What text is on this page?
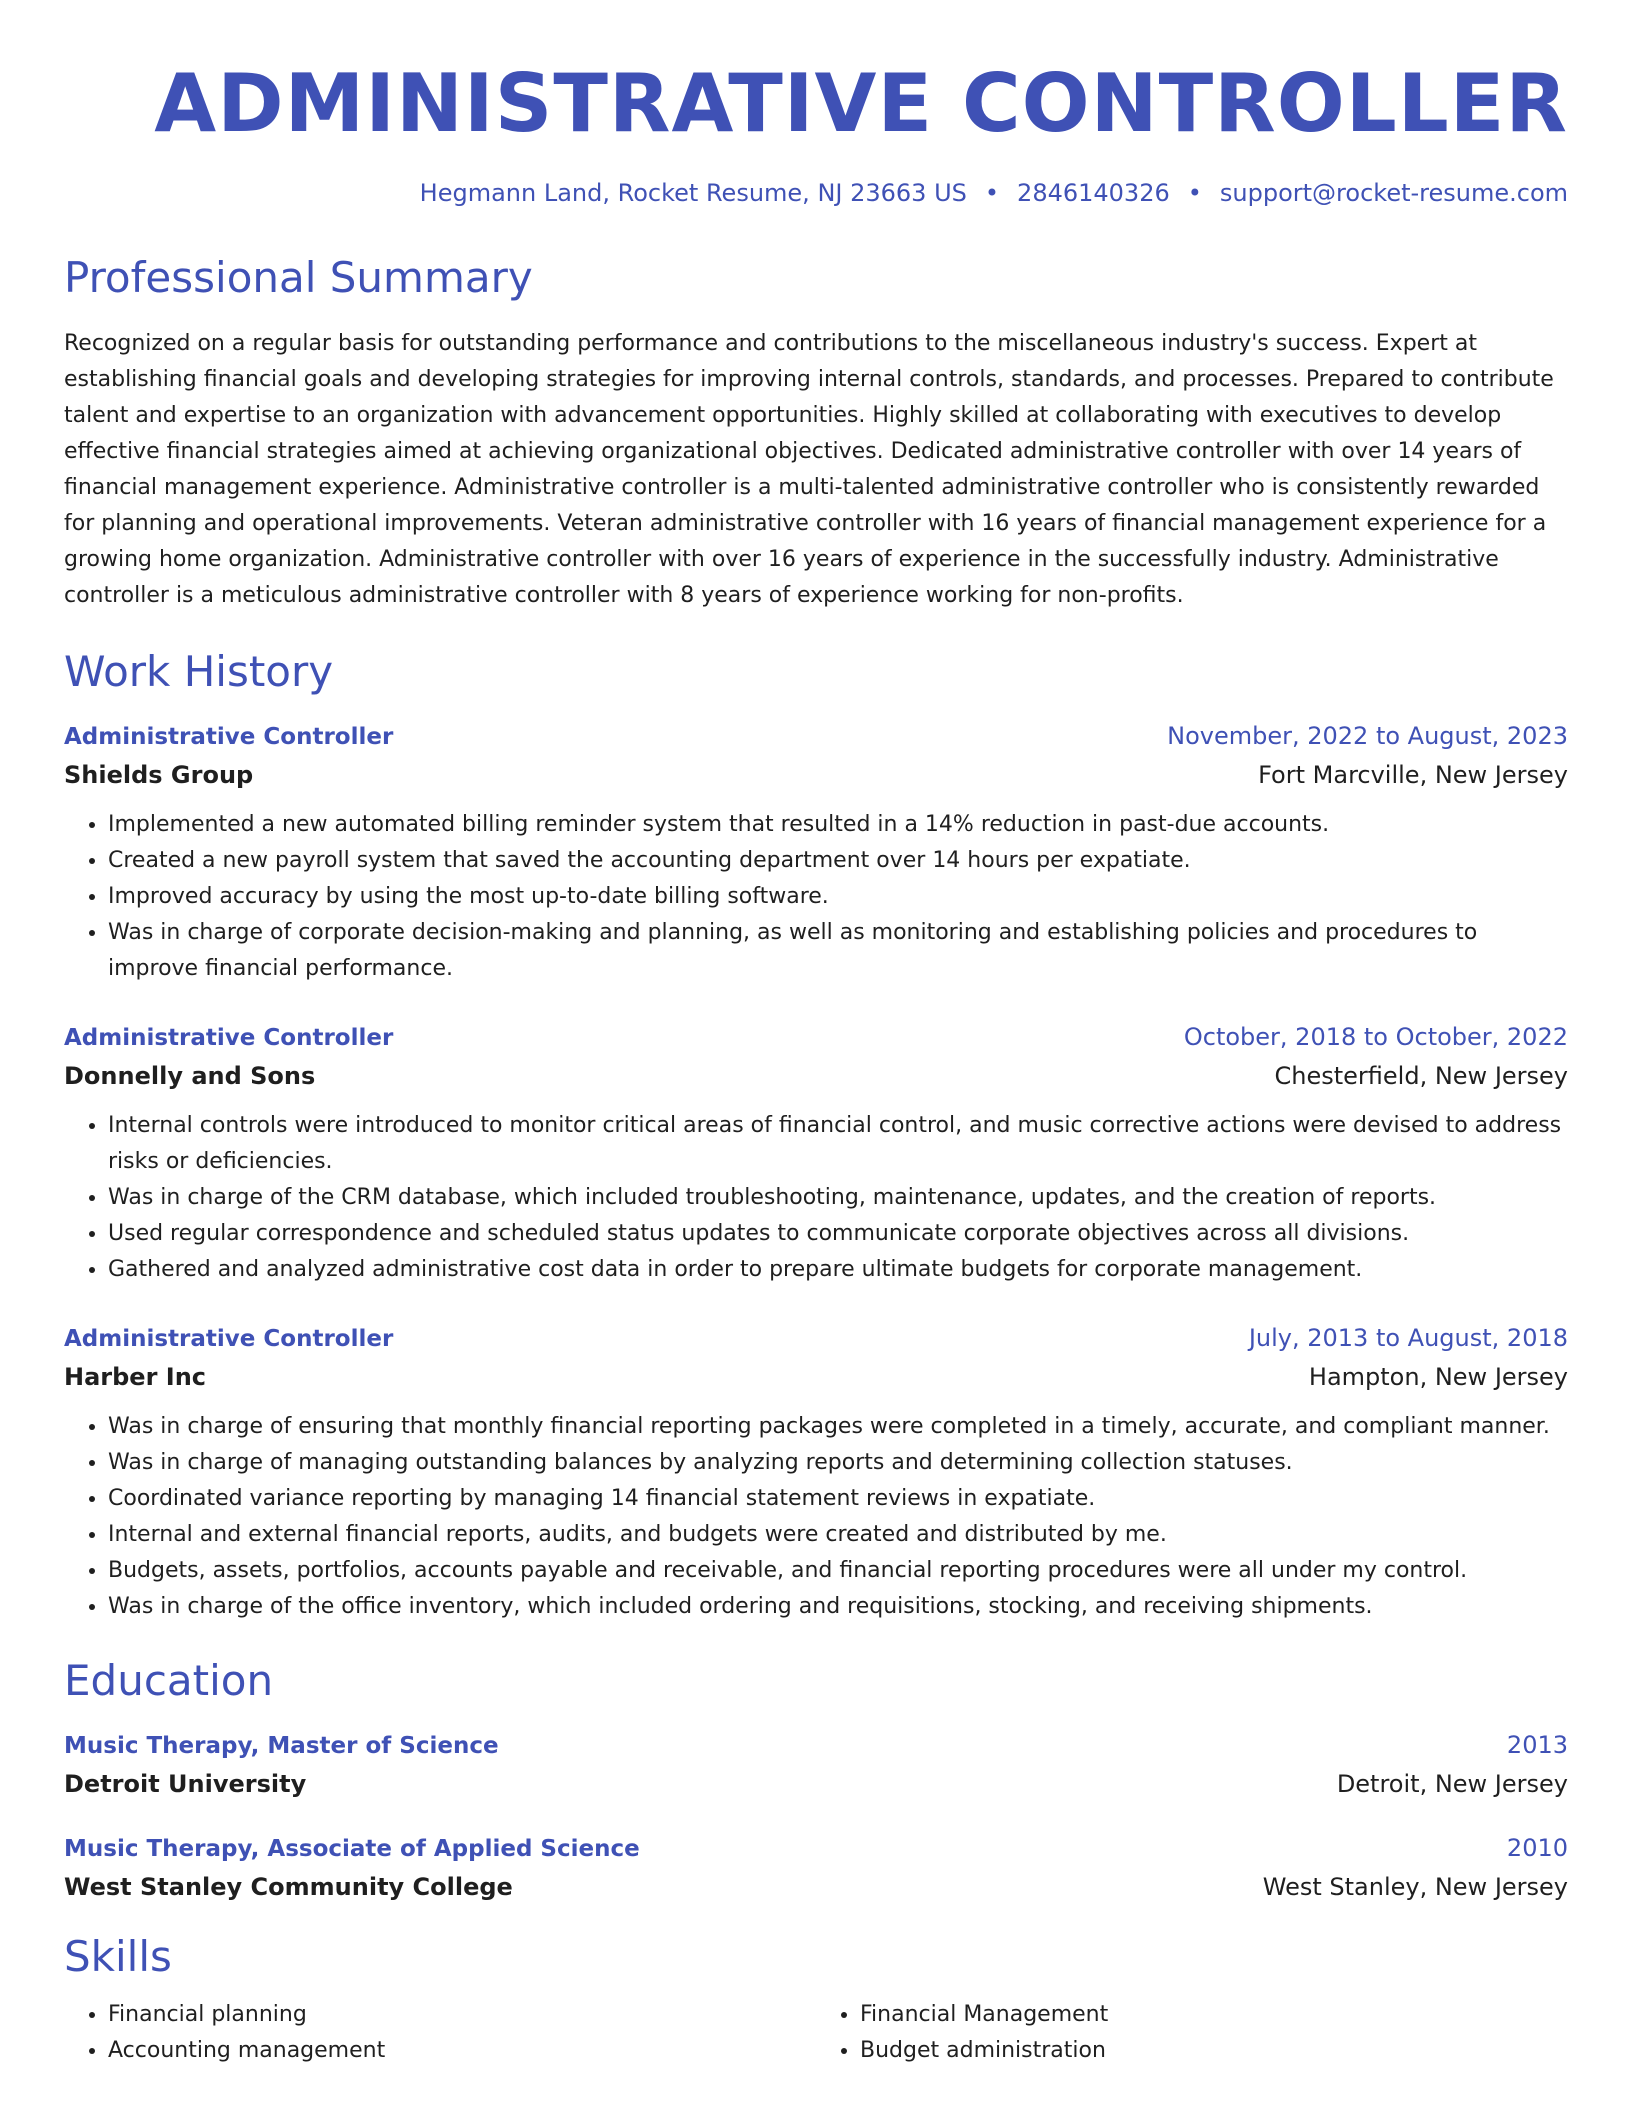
ADMINISTRATIVE CONTROLLER
Hegmann Land, Rocket Resume, NJ 23663 US • 2846140326 • support@rocket-resume.com
Professional Summary
Recognized on a regular basis for outstanding performance and contributions to the miscellaneous industry's success. Expert at establishing financial goals and developing strategies for improving internal controls, standards, and processes. Prepared to contribute talent and expertise to an organization with advancement opportunities. Highly skilled at collaborating with executives to develop effective financial strategies aimed at achieving organizational objectives. Dedicated administrative controller with over 14 years of financial management experience. Administrative controller is a multi-talented administrative controller who is consistently rewarded for planning and operational improvements. Veteran administrative controller with 16 years of financial management experience for a growing home organization. Administrative controller with over 16 years of experience in the successfully industry. Administrative controller is a meticulous administrative controller with 8 years of experience working for non-profits.
Work History
Administrative Controller	November, 2022 to August, 2023
Shields Group	Fort Marcville, New Jersey
• Implemented a new automated billing reminder system that resulted in a 14% reduction in past-due accounts.
• Created a new payroll system that saved the accounting department over 14 hours per expatiate.
• Improved accuracy by using the most up-to-date billing software.
• Was in charge of corporate decision-making and planning, as well as monitoring and establishing policies and procedures to improve financial performance.
Administrative Controller	October, 2018 to October, 2022
Donnelly and Sons	Chesterfield, New Jersey
• Internal controls were introduced to monitor critical areas of financial control, and music corrective actions were devised to address risks or deficiencies.
• Was in charge of the CRM database, which included troubleshooting, maintenance, updates, and the creation of reports.
• Used regular correspondence and scheduled status updates to communicate corporate objectives across all divisions.
• Gathered and analyzed administrative cost data in order to prepare ultimate budgets for corporate management.
Administrative Controller	July, 2013 to August, 2018
Harber Inc	Hampton, New Jersey
• Was in charge of ensuring that monthly financial reporting packages were completed in a timely, accurate, and compliant manner.
• Was in charge of managing outstanding balances by analyzing reports and determining collection statuses.
• Coordinated variance reporting by managing 14 financial statement reviews in expatiate.
• Internal and external financial reports, audits, and budgets were created and distributed by me.
• Budgets, assets, portfolios, accounts payable and receivable, and financial reporting procedures were all under my control.
• Was in charge of the office inventory, which included ordering and requisitions, stocking, and receiving shipments.
Education
Music Therapy, Master of Science	2013
Detroit University	Detroit, New Jersey
Music Therapy, Associate of Applied Science	2010
West Stanley Community College	West Stanley, New Jersey
Skills
• Financial planning
• Accounting management
• Financial Management
• Budget administration
